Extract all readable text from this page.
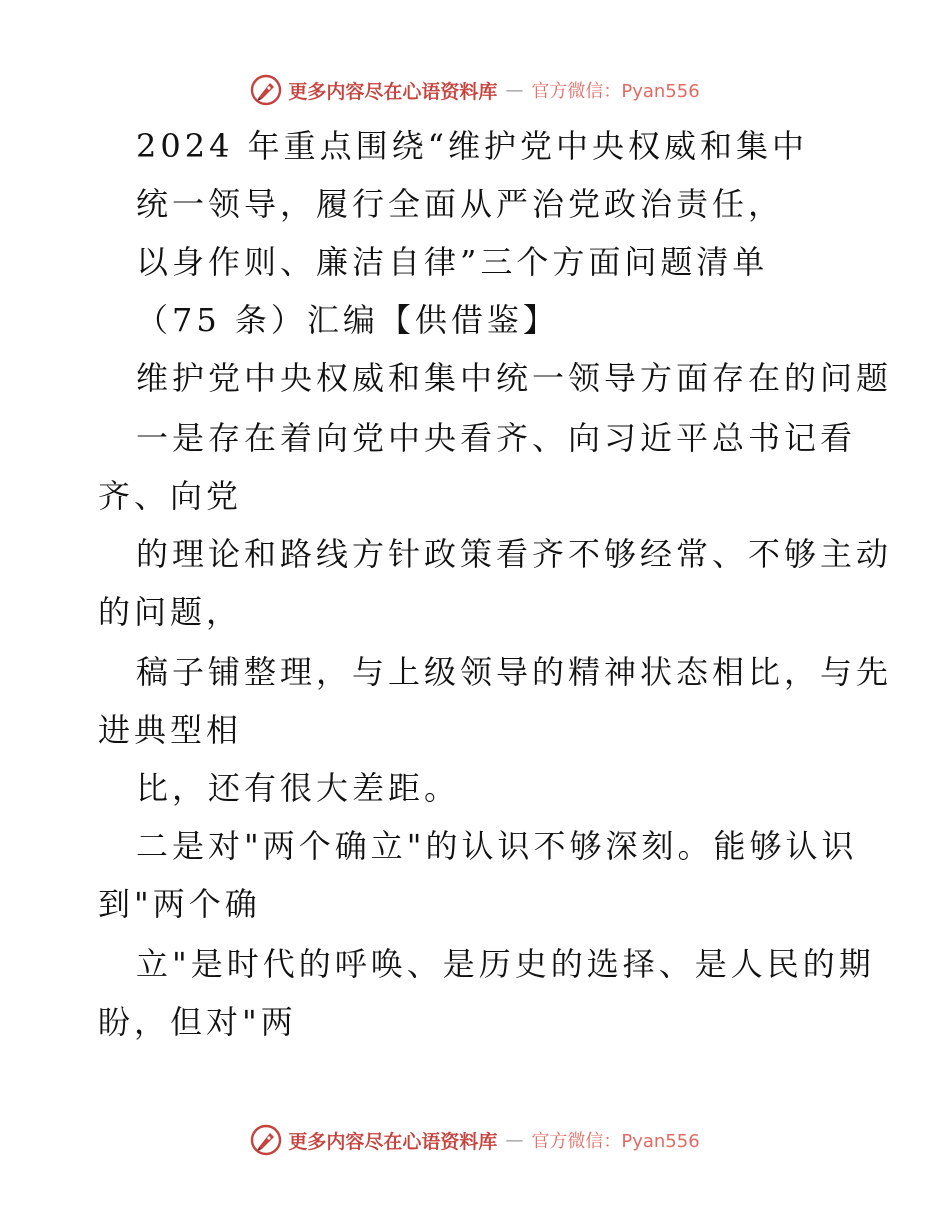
更多内容尽在心语资料库 — 官方微信：Pyan556
2024 年重点围绕“维护党中央权威和集中
统一领导，履行全面从严治党政治责任，
以身作则、廉洁自律”三个方面问题清单
（75 条）汇编【供借鉴】
维护党中央权威和集中统一领导方面存在的问题
一是存在着向党中央看齐、向习近平总书记看
齐、向党
的理论和路线方针政策看齐不够经常、不够主动
的问题，
稿子铺整理，与上级领导的精神状态相比，与先
进典型相
比，还有很大差距。
二是对"两个确立"的认识不够深刻。能够认识
到"两个确
立"是时代的呼唤、是历史的选择、是人民的期
盼，但对"两
更多内容尽在心语资料库 — 官方微信：Pyan556
